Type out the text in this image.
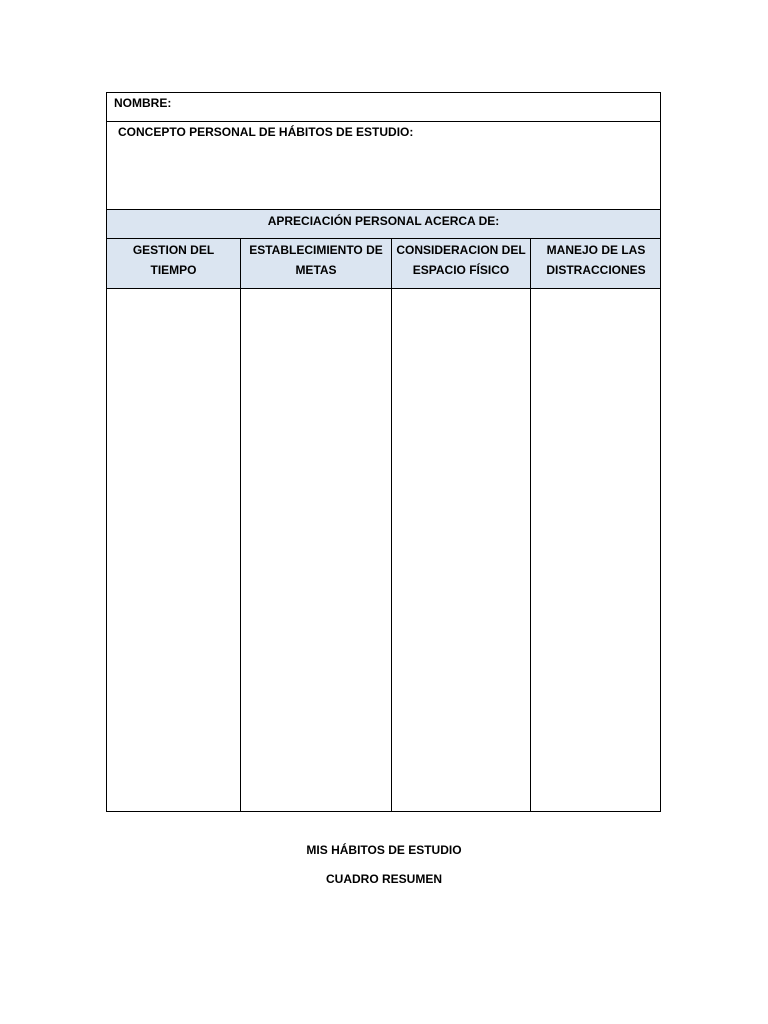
NOMBRE:
CONCEPTO PERSONAL DE HÁBITOS DE ESTUDIO:
APRECIACIÓN PERSONAL ACERCA DE:
GESTION DEL
TIEMPO
ESTABLECIMIENTO DE
METAS
CONSIDERACION DEL
ESPACIO FÍSICO
MANEJO DE LAS
DISTRACCIONES
MIS HÁBITOS DE ESTUDIO
CUADRO RESUMEN
